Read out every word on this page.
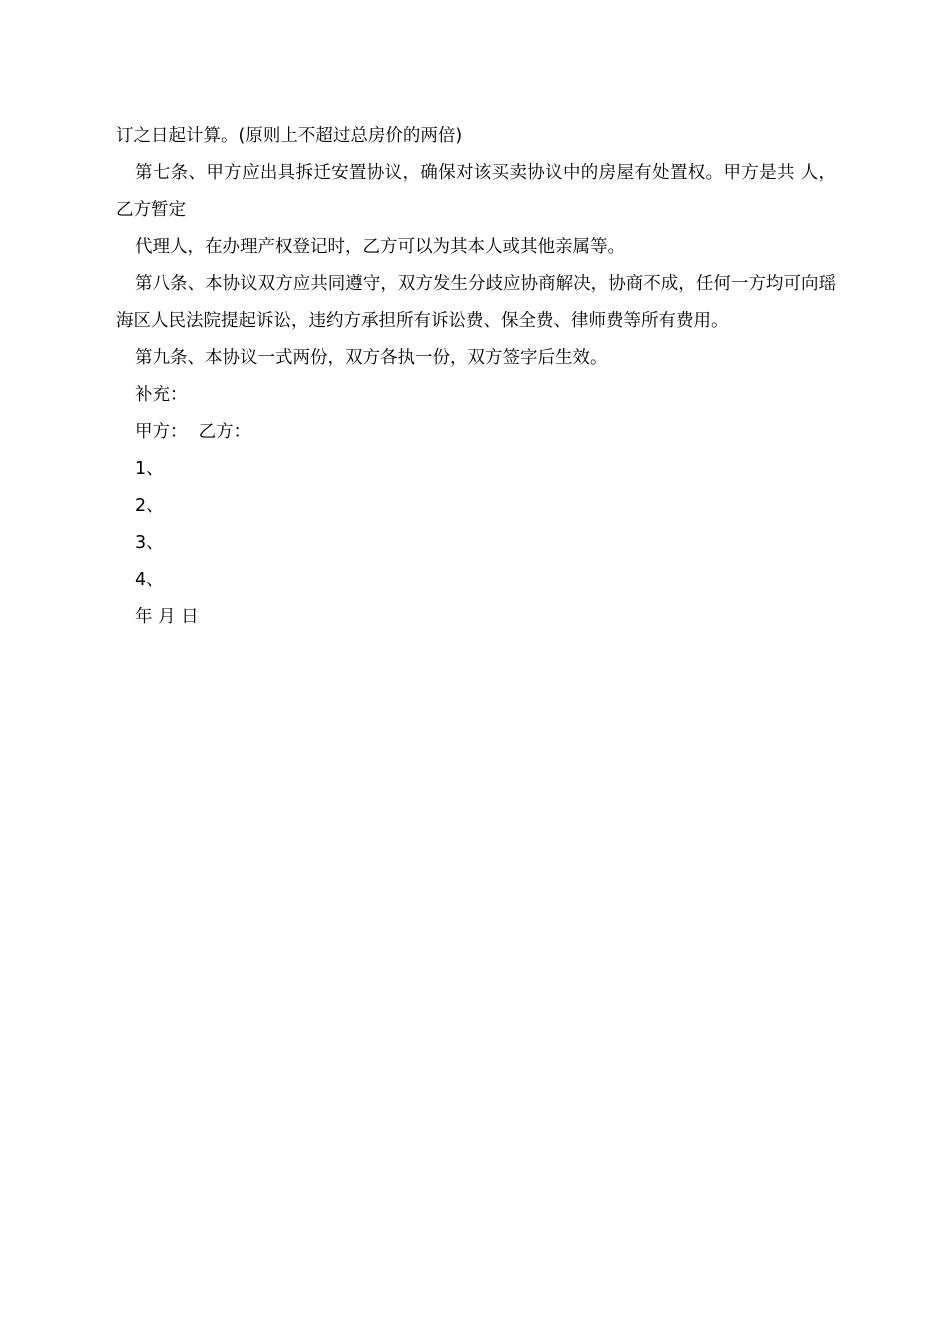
订之日起计算。(原则上不超过总房价的两倍)

第七条、甲方应出具拆迁安置协议，确保对该买卖协议中的房屋有处置权。甲方是共 人，乙方暂定

代理人，在办理产权登记时，乙方可以为其本人或其他亲属等。

第八条、本协议双方应共同遵守，双方发生分歧应协商解决，协商不成，任何一方均可向瑶海区人民法院提起诉讼，违约方承担所有诉讼费、保全费、律师费等所有费用。

第九条、本协议一式两份，双方各执一份，双方签字后生效。

补充：

甲方：  乙方：

1、

2、

3、

4、

年 月 日
